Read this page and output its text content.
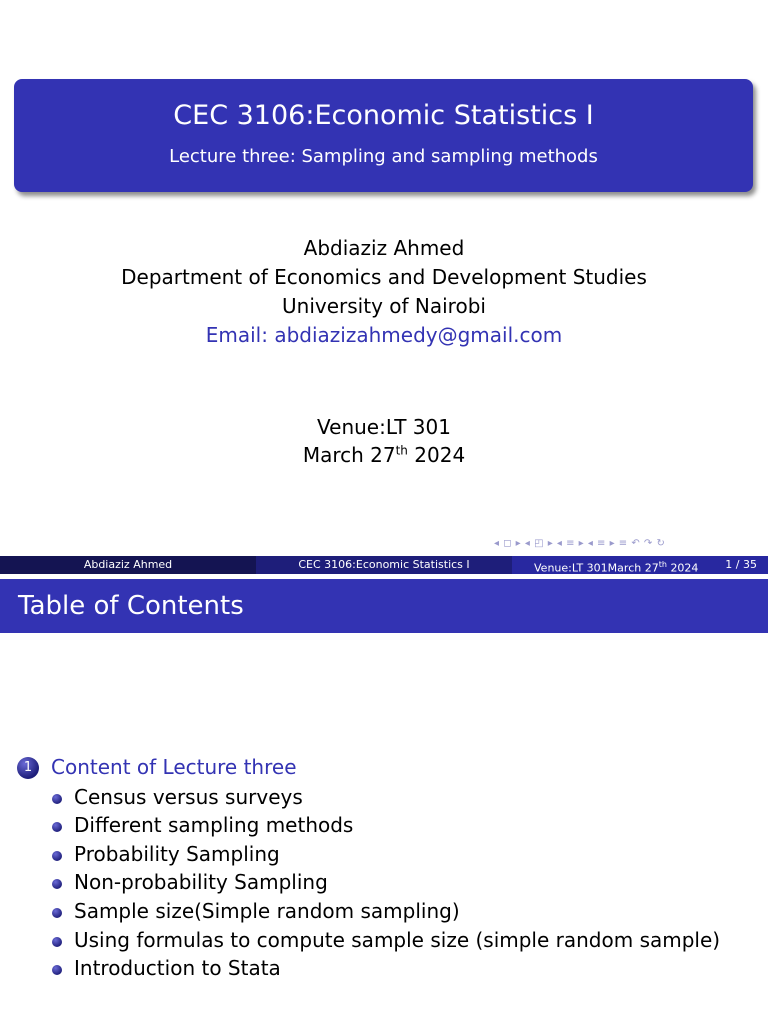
CEC 3106:Economic Statistics I
Lecture three: Sampling and sampling methods
Abdiaziz Ahmed
Department of Economics and Development Studies
University of Nairobi
Email: abdiazizahmedy@gmail.com
Venue:LT 301
March 27th 2024
◂ ◻ ▸ ◂ ◰ ▸ ◂ ≡ ▸ ◂ ≡ ▸ ≡ ↶ ↷ ↻
Abdiaziz Ahmed	CEC 3106:Economic Statistics I	Venue:LT 301March 27th 2024 1 / 35
Table of Contents
1 Content of Lecture three
Census versus surveys
Different sampling methods
Probability Sampling
Non-probability Sampling
Sample size(Simple random sampling)
Using formulas to compute sample size (simple random sample)
Introduction to Stata
